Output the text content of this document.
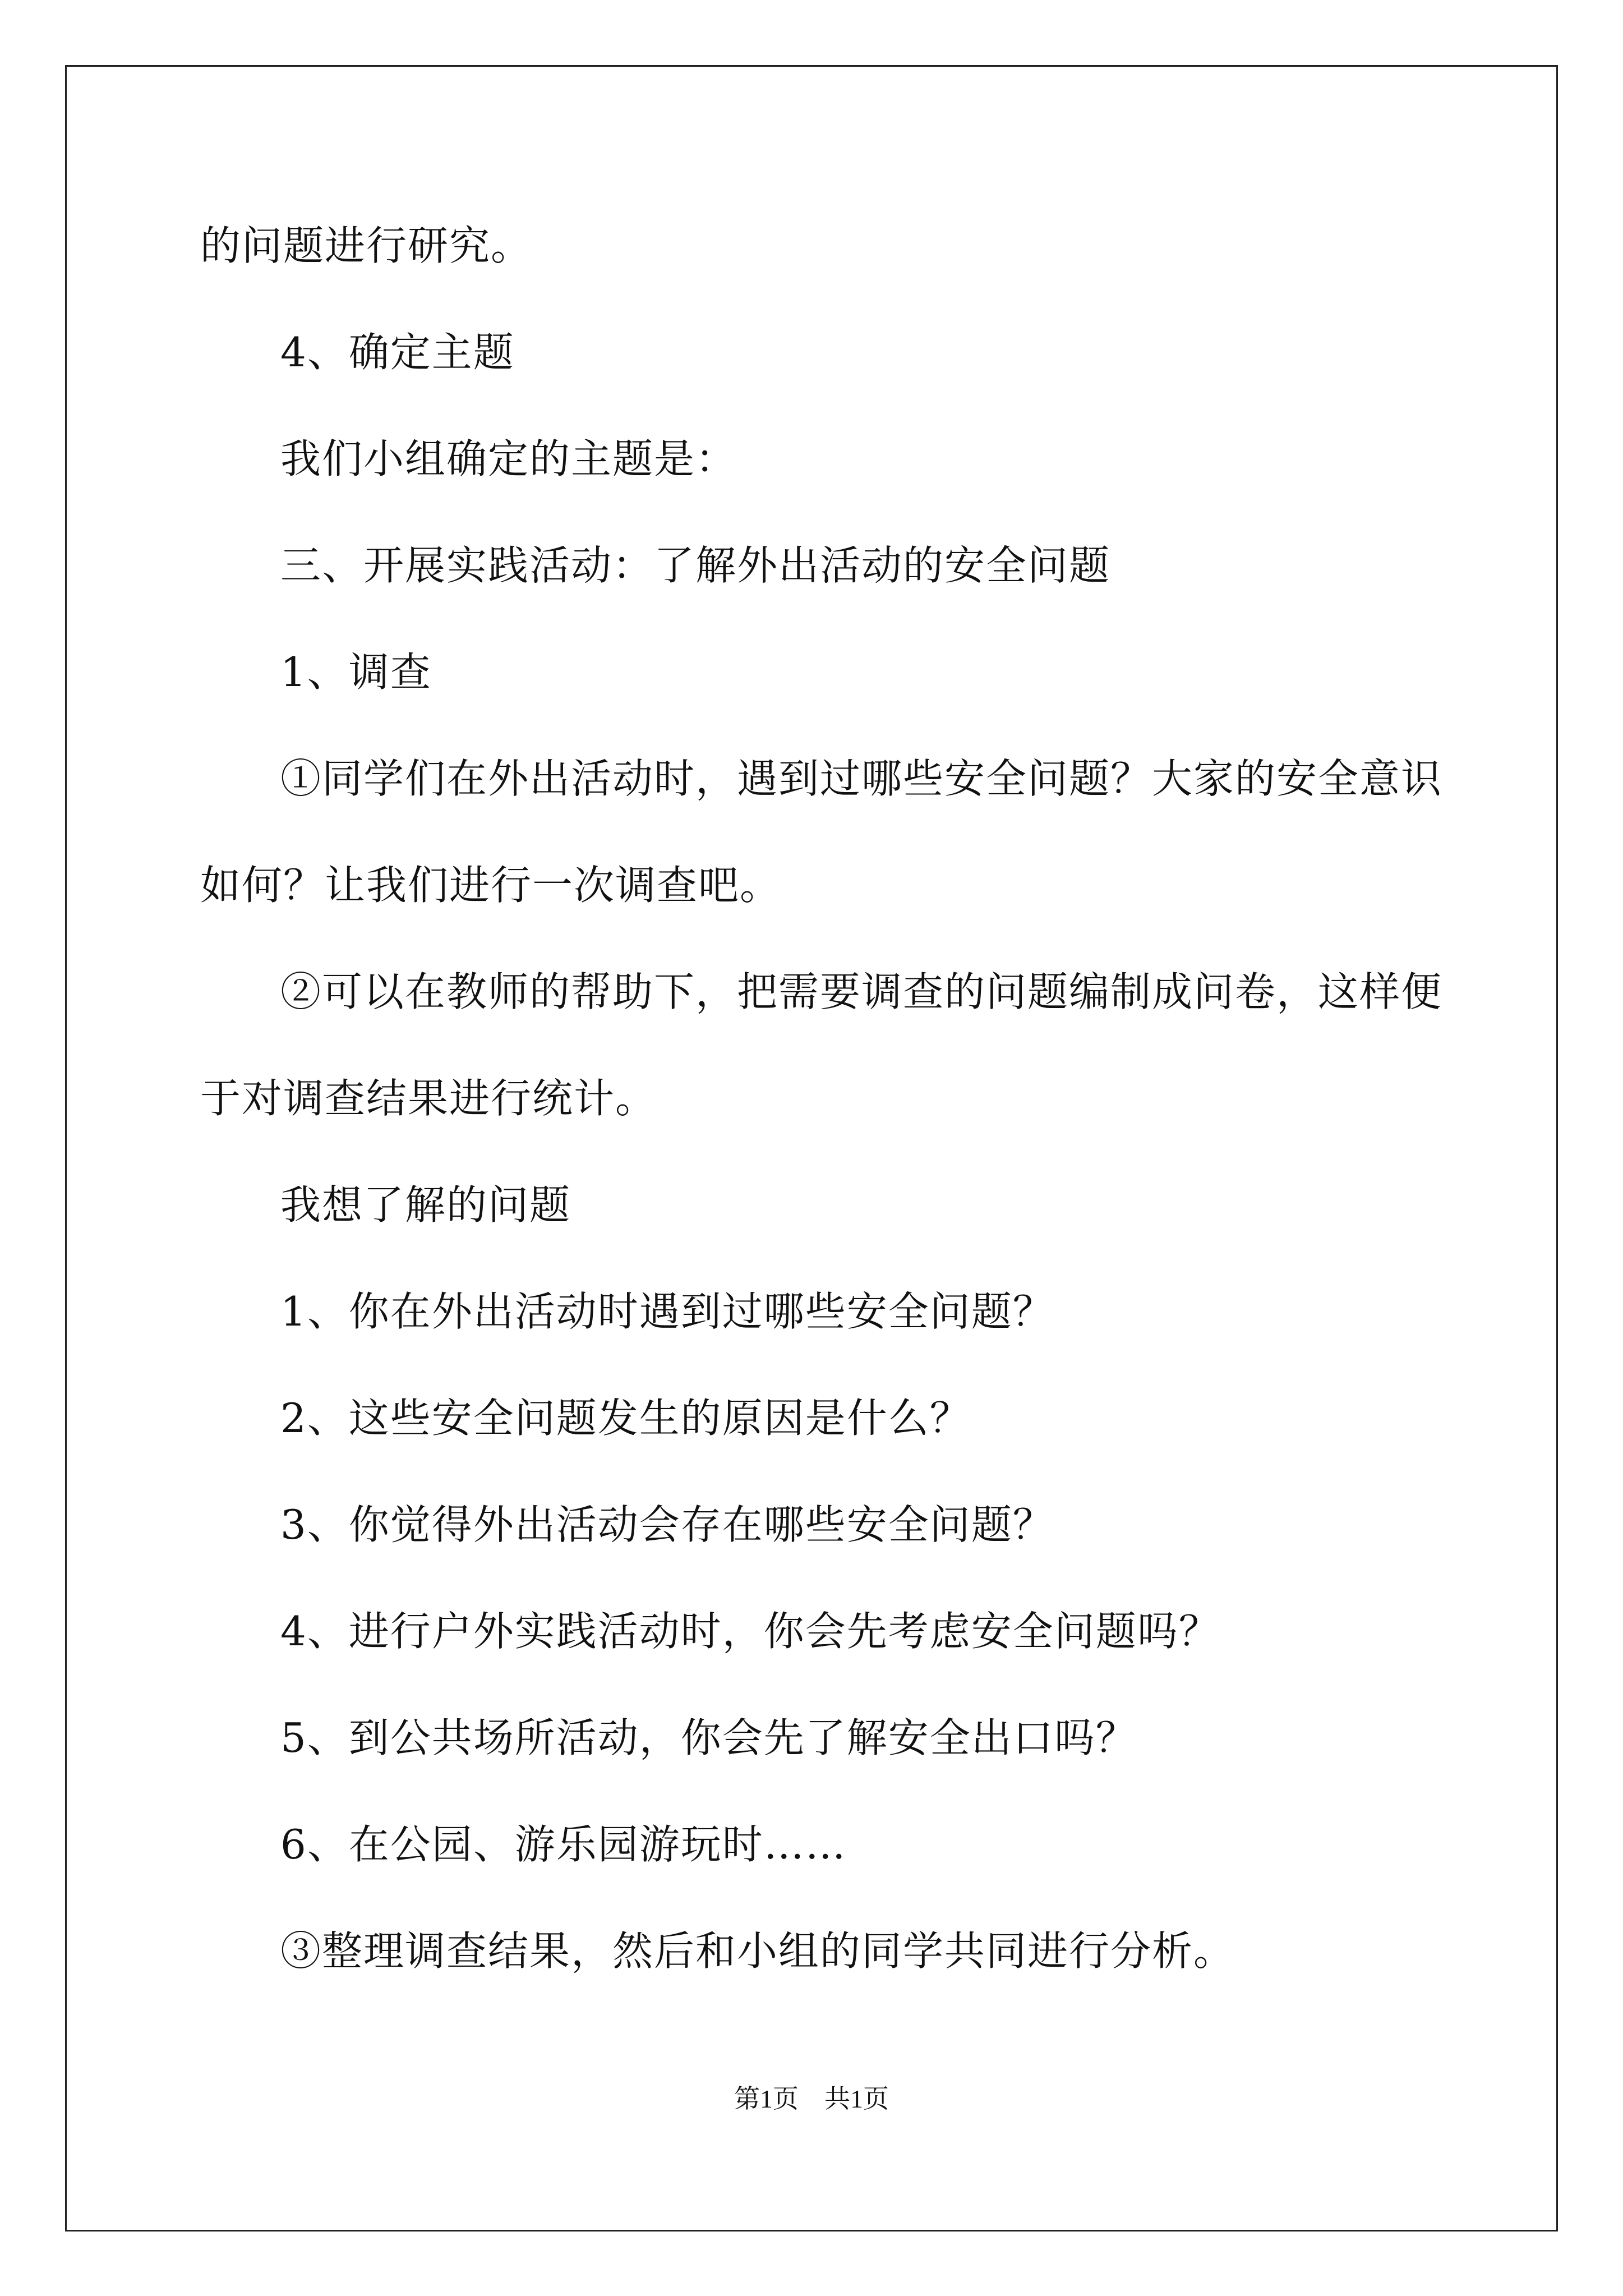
的问题进行研究。
4、确定主题
我们小组确定的主题是：
三、开展实践活动：了解外出活动的安全问题
1、调查
①同学们在外出活动时，遇到过哪些安全问题？大家的安全意识
如何？让我们进行一次调查吧。
②可以在教师的帮助下，把需要调查的问题编制成问卷，这样便
于对调查结果进行统计。
我想了解的问题
1、你在外出活动时遇到过哪些安全问题？
2、这些安全问题发生的原因是什么？
3、你觉得外出活动会存在哪些安全问题？
4、进行户外实践活动时，你会先考虑安全问题吗？
5、到公共场所活动，你会先了解安全出口吗？
6、在公园、游乐园游玩时……
③整理调查结果，然后和小组的同学共同进行分析。
第1页　共1页
